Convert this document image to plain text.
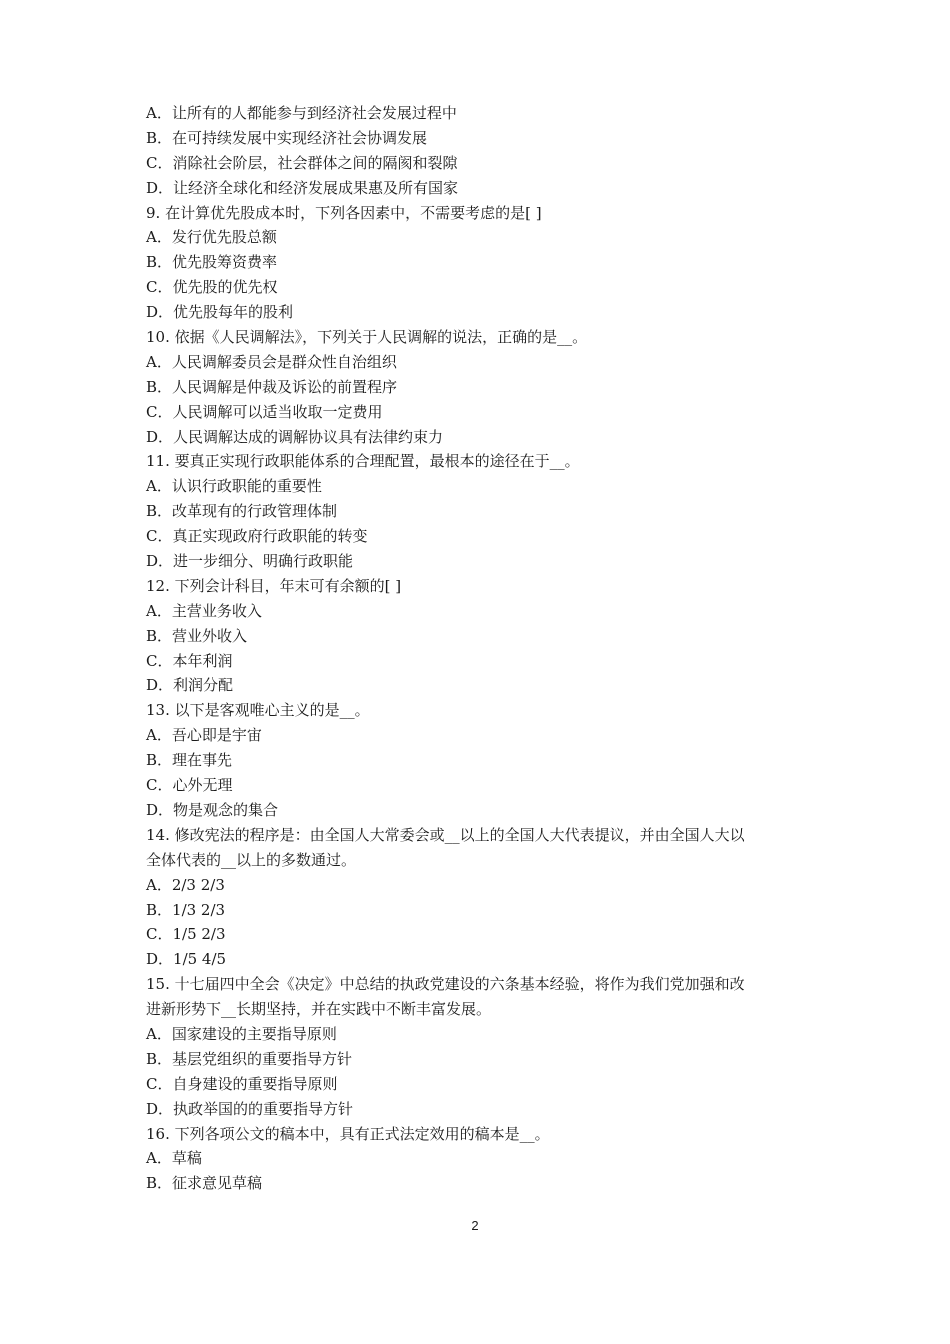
A．让所有的人都能参与到经济社会发展过程中
B．在可持续发展中实现经济社会协调发展
C．消除社会阶层，社会群体之间的隔阂和裂隙
D．让经济全球化和经济发展成果惠及所有国家
9. 在计算优先股成本时，下列各因素中，不需要考虑的是[ ]
A．发行优先股总额
B．优先股筹资费率
C．优先股的优先权
D．优先股每年的股利
10. 依据《人民调解法》，下列关于人民调解的说法，正确的是__。
A．人民调解委员会是群众性自治组织
B．人民调解是仲裁及诉讼的前置程序
C．人民调解可以适当收取一定费用
D．人民调解达成的调解协议具有法律约束力
11. 要真正实现行政职能体系的合理配置，最根本的途径在于__。
A．认识行政职能的重要性
B．改革现有的行政管理体制
C．真正实现政府行政职能的转变
D．进一步细分、明确行政职能
12. 下列会计科目，年末可有余额的[ ]
A．主营业务收入
B．营业外收入
C．本年利润
D．利润分配
13. 以下是客观唯心主义的是__。
A．吾心即是宇宙
B．理在事先
C．心外无理
D．物是观念的集合
14. 修改宪法的程序是：由全国人大常委会或__以上的全国人大代表提议，并由全国人大以
全体代表的__以上的多数通过。
A．2/3 2/3
B．1/3 2/3
C．1/5 2/3
D．1/5 4/5
15. 十七届四中全会《决定》中总结的执政党建设的六条基本经验，将作为我们党加强和改
进新形势下__长期坚持，并在实践中不断丰富发展。
A．国家建设的主要指导原则
B．基层党组织的重要指导方针
C．自身建设的重要指导原则
D．执政举国的的重要指导方针
16. 下列各项公文的稿本中，具有正式法定效用的稿本是__。
A．草稿
B．征求意见草稿
2
